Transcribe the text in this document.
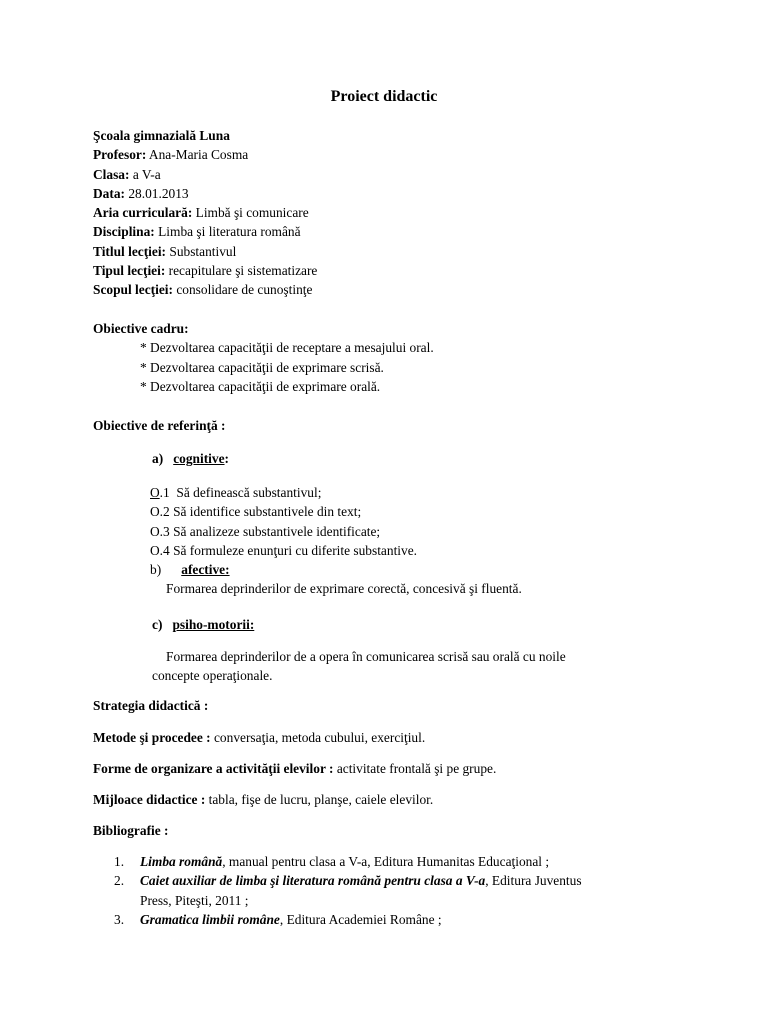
Proiect didactic
Şcoala gimnazială Luna
Profesor: Ana-Maria Cosma
Clasa: a V-a
Data: 28.01.2013
Aria curriculară: Limbă şi comunicare
Disciplina: Limba şi literatura română
Titlul lecţiei: Substantivul
Tipul lecţiei: recapitulare şi sistematizare
Scopul lecţiei: consolidare de cunoştinţe
Obiective cadru:
* Dezvoltarea capacităţii de receptare a mesajului oral.
* Dezvoltarea capacităţii de exprimare scrisă.
* Dezvoltarea capacităţii de exprimare orală.
Obiective de referinţă :
a) cognitive:
O.1  Să definească substantivul;
O.2 Să identifice substantivele din text;
O.3 Să analizeze substantivele identificate;
O.4 Să formuleze enunţuri cu diferite substantive.
b) afective:
Formarea deprinderilor de exprimare corectă, concesivă şi fluentă.
c) psiho-motorii:
Formarea deprinderilor de a opera în comunicarea scrisă sau orală cu noile
concepte operaţionale.
Strategia didactică :
Metode şi procedee : conversaţia, metoda cubului, exerciţiul.
Forme de organizare a activităţii elevilor : activitate frontală şi pe grupe.
Mijloace didactice : tabla, fişe de lucru, planşe, caiele elevilor.
Bibliografie :
1. Limba română, manual pentru clasa a V-a, Editura Humanitas Educaţional ;
2. Caiet auxiliar de limba şi literatura română pentru clasa a V-a, Editura Juventus
Press, Piteşti, 2011 ;
3. Gramatica limbii române, Editura Academiei Române ;
